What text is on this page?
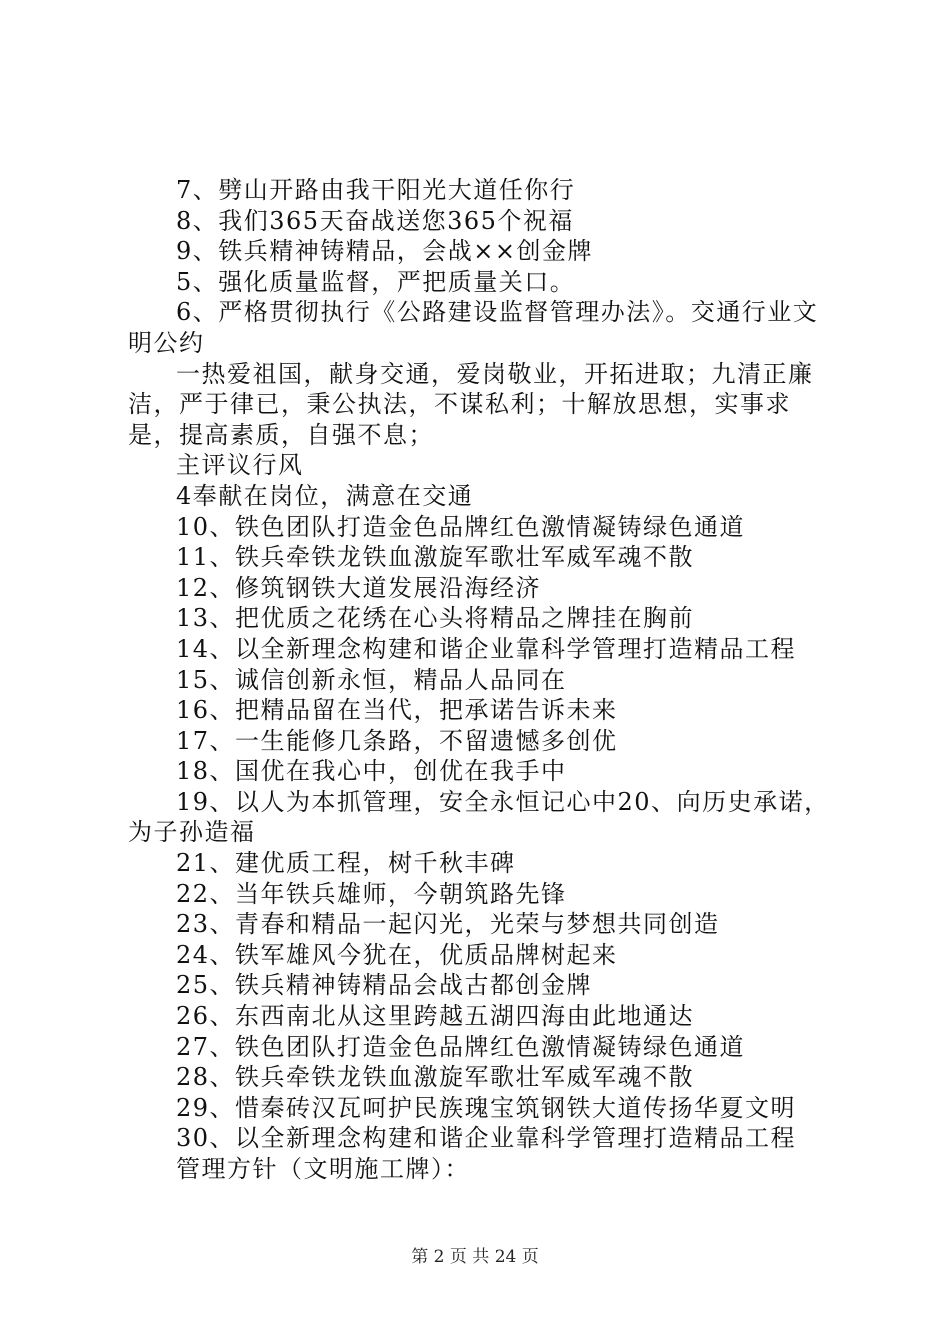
7、劈山开路由我干阳光大道任你行

8、我们365天奋战送您365个祝福

9、铁兵精神铸精品，会战××创金牌

5、强化质量监督，严把质量关口。

6、严格贯彻执行《公路建设监督管理办法》。交通行业文明公约

一热爱祖国，献身交通，爱岗敬业，开拓进取；九清正廉洁，严于律已，秉公执法，不谋私利；十解放思想，实事求是，提高素质，自强不息；

主评议行风

4奉献在岗位，满意在交通

10、铁色团队打造金色品牌红色激情凝铸绿色通道

11、铁兵牵铁龙铁血激旋军歌壮军威军魂不散

12、修筑钢铁大道发展沿海经济

13、把优质之花绣在心头将精品之牌挂在胸前

14、以全新理念构建和谐企业靠科学管理打造精品工程

15、诚信创新永恒，精品人品同在

16、把精品留在当代，把承诺告诉未来

17、一生能修几条路，不留遗憾多创优

18、国优在我心中，创优在我手中

19、以人为本抓管理，安全永恒记心中20、向历史承诺，为子孙造福

21、建优质工程，树千秋丰碑

22、当年铁兵雄师，今朝筑路先锋

23、青春和精品一起闪光，光荣与梦想共同创造

24、铁军雄风今犹在，优质品牌树起来

25、铁兵精神铸精品会战古都创金牌

26、东西南北从这里跨越五湖四海由此地通达

27、铁色团队打造金色品牌红色激情凝铸绿色通道

28、铁兵牵铁龙铁血激旋军歌壮军威军魂不散

29、惜秦砖汉瓦呵护民族瑰宝筑钢铁大道传扬华夏文明

30、以全新理念构建和谐企业靠科学管理打造精品工程

管理方针（文明施工牌）：

第 2 页 共 24 页
